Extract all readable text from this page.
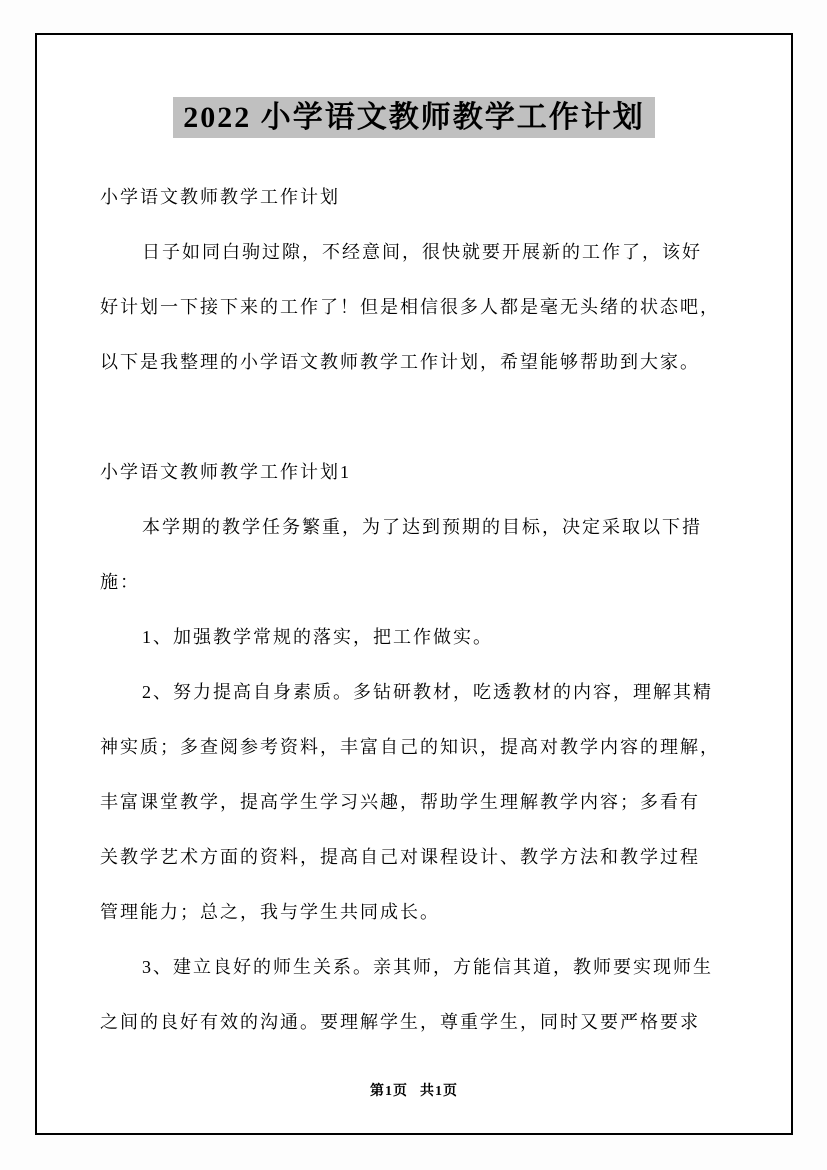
2022 小学语文教师教学工作计划
小学语文教师教学工作计划
日子如同白驹过隙，不经意间，很快就要开展新的工作了，该好
好计划一下接下来的工作了！但是相信很多人都是毫无头绪的状态吧，
以下是我整理的小学语文教师教学工作计划，希望能够帮助到大家。
小学语文教师教学工作计划1
本学期的教学任务繁重，为了达到预期的目标，决定采取以下措
施：
1、加强教学常规的落实，把工作做实。
2、努力提高自身素质。多钻研教材，吃透教材的内容，理解其精
神实质；多查阅参考资料，丰富自己的知识，提高对教学内容的理解，
丰富课堂教学，提高学生学习兴趣，帮助学生理解教学内容；多看有
关教学艺术方面的资料，提高自己对课程设计、教学方法和教学过程
管理能力；总之，我与学生共同成长。
3、建立良好的师生关系。亲其师，方能信其道，教师要实现师生
之间的良好有效的沟通。要理解学生，尊重学生，同时又要严格要求
第1页 共1页
